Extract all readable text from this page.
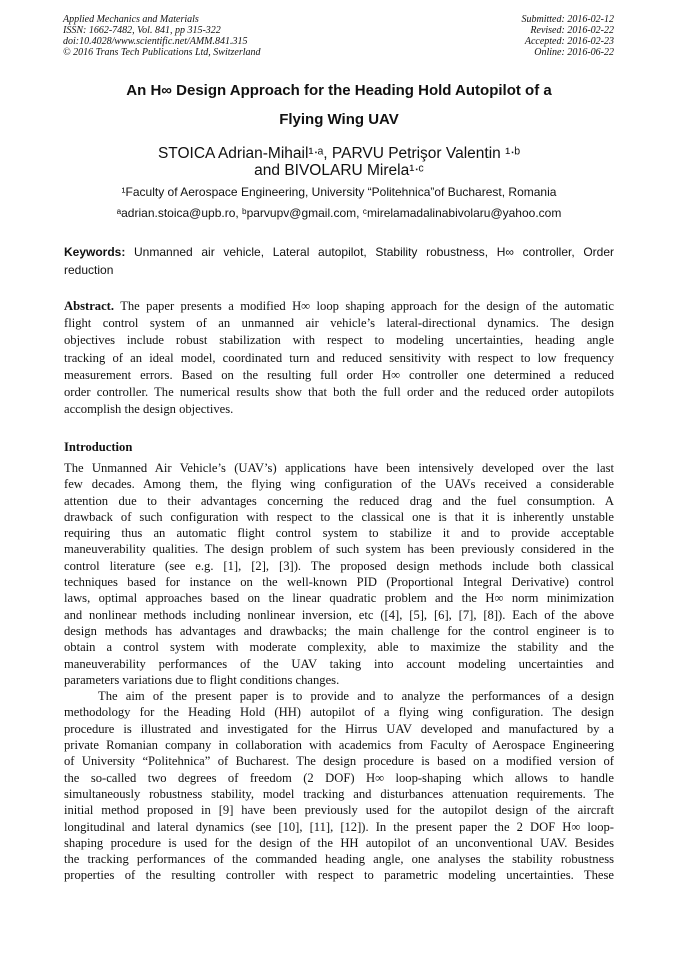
Applied Mechanics and Materials
ISSN: 1662-7482, Vol. 841, pp 315-322
doi:10.4028/www.scientific.net/AMM.841.315
© 2016 Trans Tech Publications Ltd, Switzerland
Submitted: 2016-02-12
Revised: 2016-02-22
Accepted: 2016-02-23
Online: 2016-06-22
An H∞ Design Approach for the Heading Hold Autopilot of a
Flying Wing UAV
STOICA Adrian-Mihail¹ᐧᵃ, PARVU Petrişor Valentin ¹ᐧᵇ
and BIVOLARU Mirela¹ᐧᶜ
¹Faculty of Aerospace Engineering, University “Politehnica”of Bucharest, Romania
ᵃadrian.stoica@upb.ro, ᵇparvupv@gmail.com, ᶜmirelamadalinabivolaru@yahoo.com
Keywords: Unmanned air vehicle, Lateral autopilot, Stability robustness, H∞ controller, Order
reduction
Abstract. The paper presents a modified H∞ loop shaping approach for the design of the automatic
flight control system of an unmanned air vehicle’s lateral-directional dynamics. The design
objectives include robust stabilization with respect to modeling uncertainties, heading angle
tracking of an ideal model, coordinated turn and reduced sensitivity with respect to low frequency
measurement errors. Based on the resulting full order H∞ controller one determined a reduced
order controller. The numerical results show that both the full order and the reduced order autopilots
accomplish the design objectives.
Introduction
The Unmanned Air Vehicle’s (UAV’s) applications have been intensively developed over the last
few decades. Among them, the flying wing configuration of the UAVs received a considerable
attention due to their advantages concerning the reduced drag and the fuel consumption. A
drawback of such configuration with respect to the classical one is that it is inherently unstable
requiring thus an automatic flight control system to stabilize it and to provide acceptable
maneuverability qualities. The design problem of such system has been previously considered in the
control literature (see e.g. [1], [2], [3]). The proposed design methods include both classical
techniques based for instance on the well-known PID (Proportional Integral Derivative) control
laws, optimal approaches based on the linear quadratic problem and the H∞ norm minimization
and nonlinear methods including nonlinear inversion, etc ([4], [5], [6], [7], [8]). Each of the above
design methods has advantages and drawbacks; the main challenge for the control engineer is to
obtain a control system with moderate complexity, able to maximize the stability and the
maneuverability performances of the UAV taking into account modeling uncertainties and
parameters variations due to flight conditions changes.
The aim of the present paper is to provide and to analyze the performances of a design
methodology for the Heading Hold (HH) autopilot of a flying wing configuration. The design
procedure is illustrated and investigated for the Hirrus UAV developed and manufactured by a
private Romanian company in collaboration with academics from Faculty of Aerospace Engineering
of University “Politehnica” of Bucharest. The design procedure is based on a modified version of
the so-called two degrees of freedom (2 DOF) H∞ loop-shaping which allows to handle
simultaneously robustness stability, model tracking and disturbances attenuation requirements. The
initial method proposed in [9] have been previously used for the autopilot design of the aircraft
longitudinal and lateral dynamics (see [10], [11], [12]). In the present paper the 2 DOF H∞ loop-
shaping procedure is used for the design of the HH autopilot of an unconventional UAV. Besides
the tracking performances of the commanded heading angle, one analyses the stability robustness
properties of the resulting controller with respect to parametric modeling uncertainties. These
